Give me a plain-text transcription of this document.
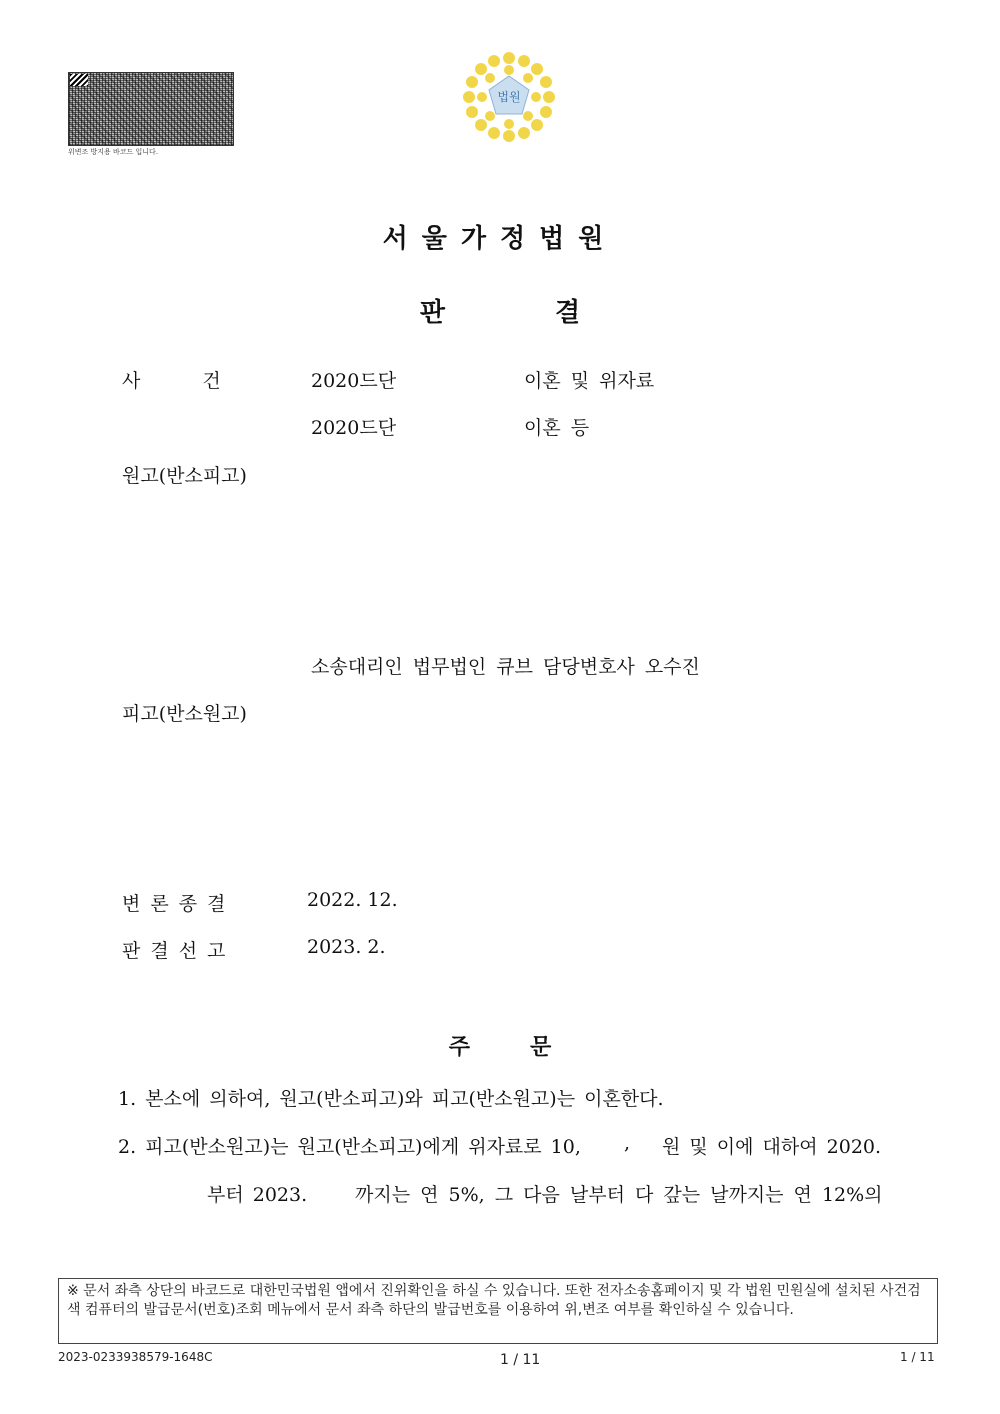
위변조 방지용 바코드 입니다.
법원
서울가정법원
판결
사건 2020드단	이혼 및 위자료
2020드단	이혼 등
원고(반소피고)
소송대리인 법무법인 큐브 담당변호사 오수진
피고(반소원고)
변론종결	2022. 12.
판결선고	2023. 2.
주문
1. 본소에 의하여, 원고(반소피고)와 피고(반소원고)는 이혼한다.
2. 피고(반소원고)는 원고(반소피고)에게 위자료로 10, , 원 및 이에 대하여 2020.
부터 2023.	까지는 연 5%, 그 다음 날부터 다 갚는 날까지는 연 12%의
※ 문서 좌측 상단의 바코드로 대한민국법원 앱에서 진위확인을 하실 수 있습니다. 또한 전자소송홈페이지 및 각 법원 민원실에 설치된 사건검색 컴퓨터의 발급문서(번호)조회 메뉴에서 문서 좌측 하단의 발급번호를 이용하여 위,변조 여부를 확인하실 수 있습니다.
2023-0233938579-1648C	1 / 11	1 / 11
